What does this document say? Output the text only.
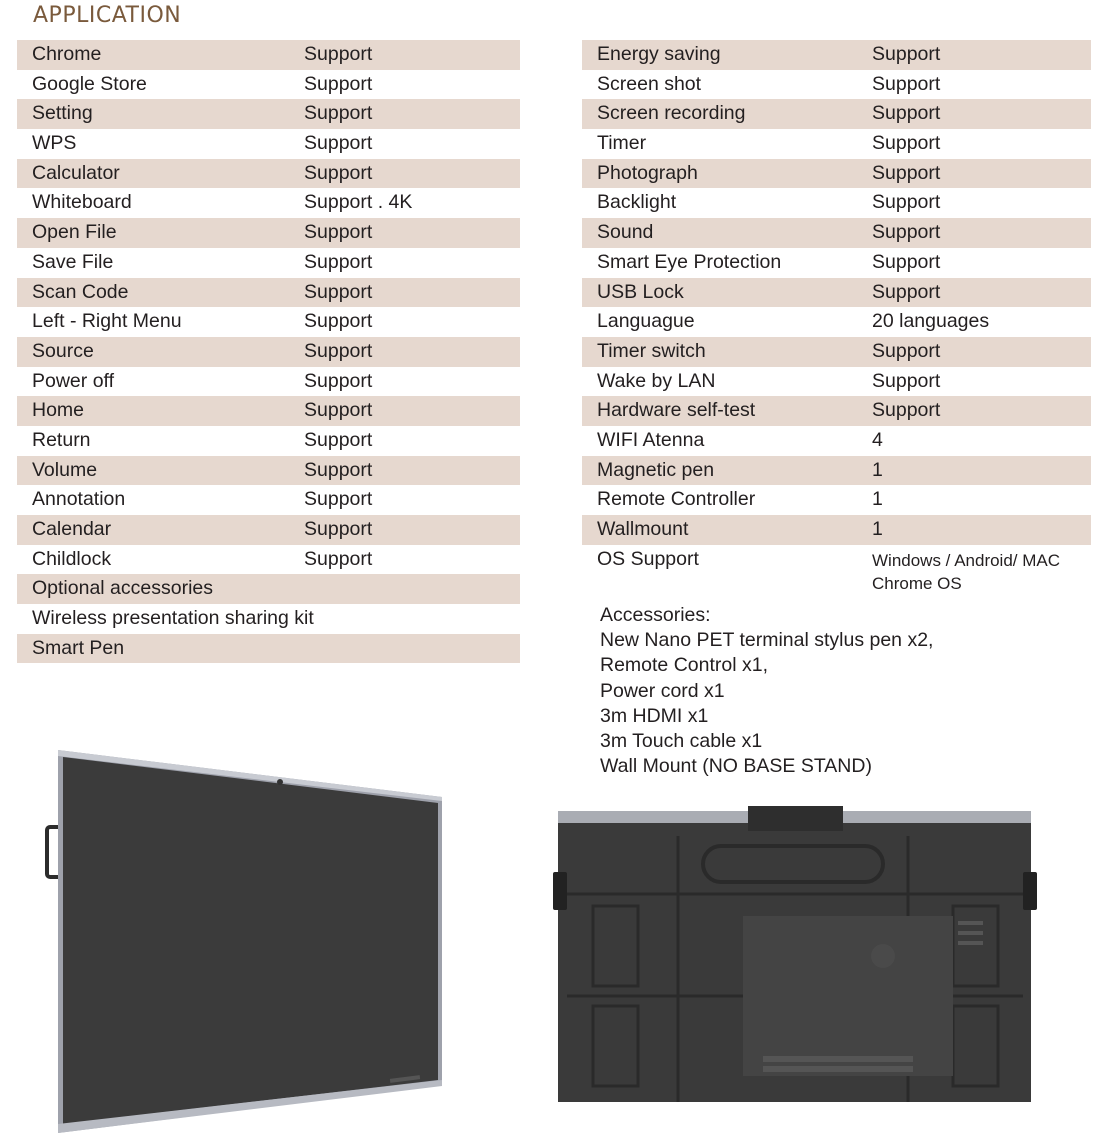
APPLICATION
Chrome	Support
Google Store	Support
Setting	Support
WPS	Support
Calculator	Support
Whiteboard	Support . 4K
Open File	Support
Save File	Support
Scan Code	Support
Left - Right Menu	Support
Source	Support
Power off	Support
Home	Support
Return	Support
Volume	Support
Annotation	Support
Calendar	Support
Childlock	Support
Optional accessories
Wireless presentation sharing kit
Smart Pen
Energy saving	Support
Screen shot	Support
Screen recording	Support
Timer	Support
Photograph	Support
Backlight	Support
Sound	Support
Smart Eye Protection	Support
USB Lock	Support
Languague	20 languages
Timer switch	Support
Wake by LAN	Support
Hardware self-test	Support
WIFI Atenna	4
Magnetic pen	1
Remote Controller	1
Wallmount	1
OS Support	Windows / Android/ MAC
Chrome OS
Accessories:
New Nano PET terminal stylus pen x2,
Remote Control x1,
Power cord x1
3m HDMI x1
3m Touch cable x1
Wall Mount (NO BASE STAND)
